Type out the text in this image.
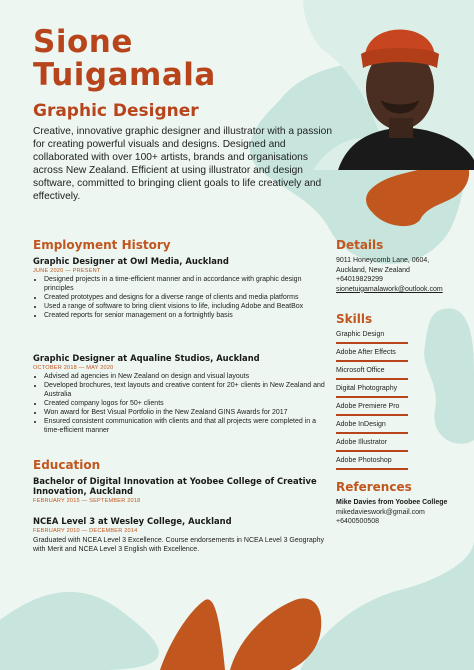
Sione
Tuigamala
Graphic Designer

Creative, innovative graphic designer and illustrator with a passion for creating powerful visuals and designs. Designed and collaborated with over 100+ artists, brands and organisations across New Zealand. Efficient at using illustrator and design software, committed to bringing client goals to life creatively and effectively.

Employment History

Graphic Designer at Owl Media, Auckland

JUNE 2020 — PRESENT

• Designed projects in a time-efficient manner and in accordance with graphic design principles
• Created prototypes and designs for a diverse range of clients and media platforms
• Used a range of software to bring client visions to life, including Adobe and BeatBox
• Created reports for senior management on a fortnightly basis

Graphic Designer at Aqualine Studios, Auckland

OCTOBER 2018 — MAY 2020

• Advised ad agencies in New Zealand on design and visual layouts
• Developed brochures, text layouts and creative content for 20+ clients in New Zealand and Australia
• Created company logos for 50+ clients
• Won award for Best Visual Portfolio in the New Zealand GINS Awards for 2017
• Ensured consistent communication with clients and that all projects were completed in a time-efficient manner
Education

Bachelor of Digital Innovation at Yoobee College of Creative Innovation, Auckland

FEBRUARY 2015 — SEPTEMBER 2018

NCEA Level 3 at Wesley College, Auckland

FEBRUARY 2010 — DECEMBER 2014

Graduated with NCEA Level 3 Excellence. Course endorsements in NCEA Level 3 Geography with Merit and NCEA Level 3 English with Excellence.

Details

9011 Honeycomb Lane, 0604,

Auckland, New Zealand

+64019829299

sionetuigamalawork@outlook.com

Skills

Graphic Design

Adobe After Effects

Microsoft Office

Digital Photography

Adobe Premiere Pro

Adobe InDesign

Adobe Illustrator

Adobe Photoshop

References

Mike Davies from Yoobee College

mikedavieswork@gmail.com

+6400500508
